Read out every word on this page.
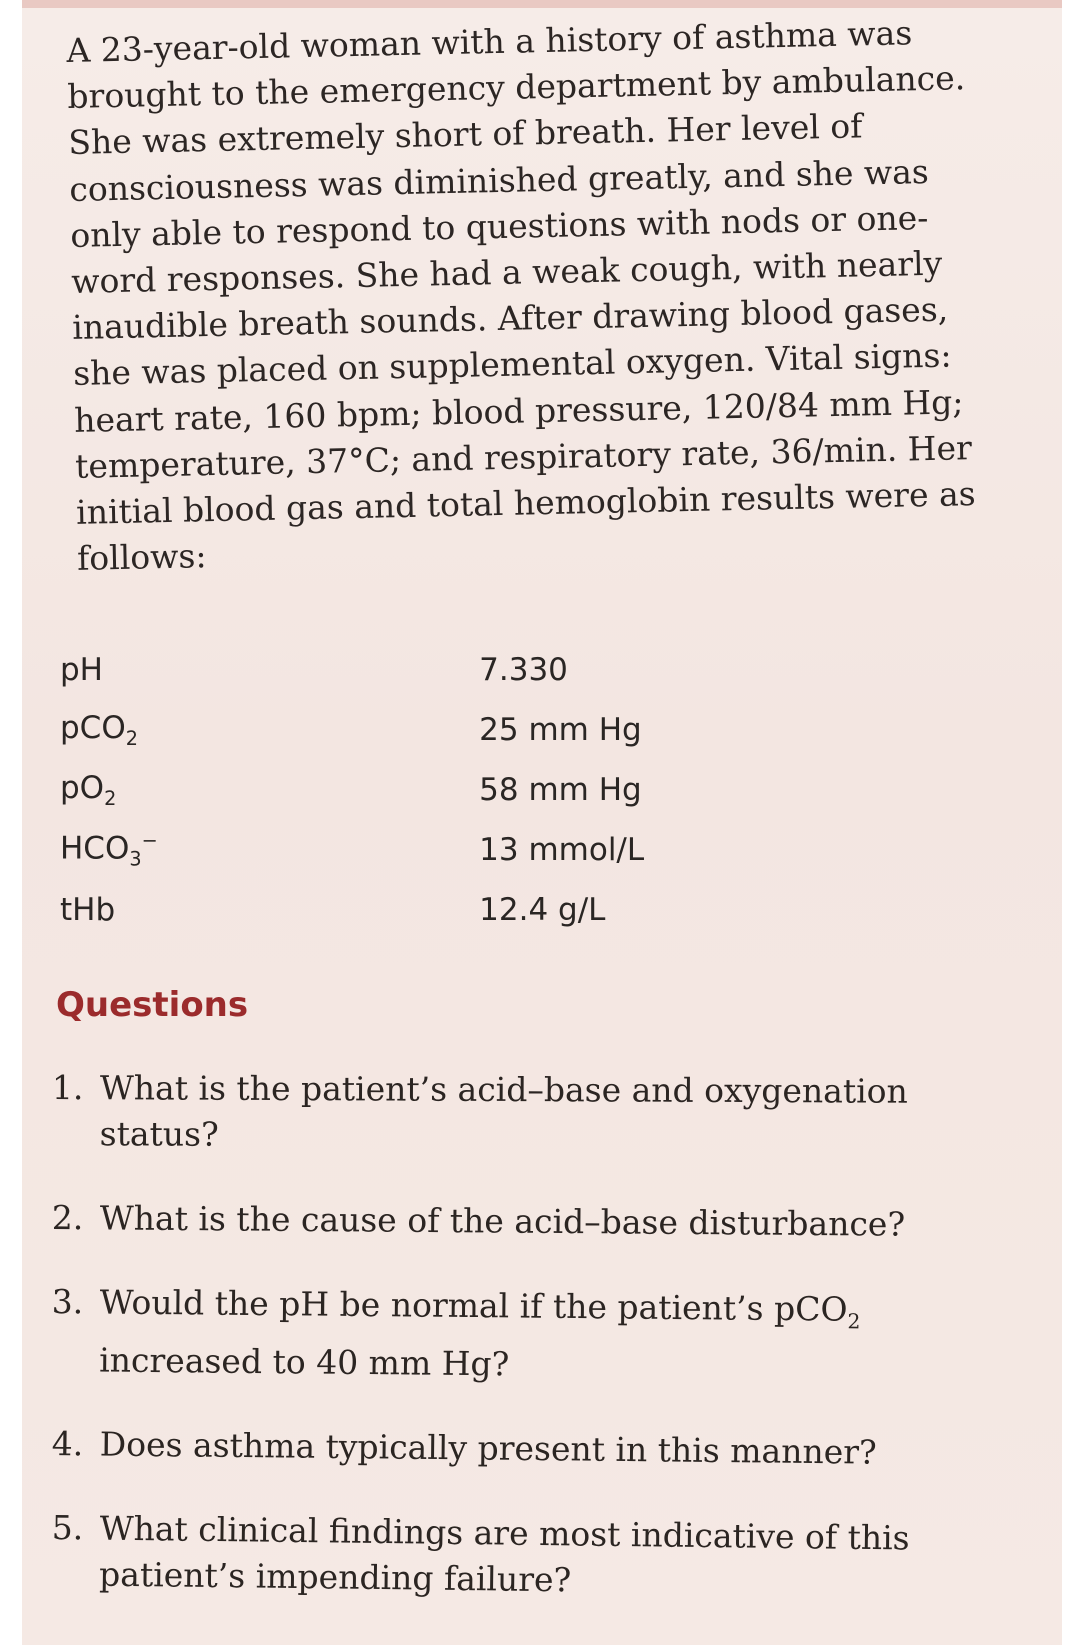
A 23-year-old woman with a history of asthma was brought to the emergency department by ambulance. She was extremely short of breath. Her level of consciousness was diminished greatly, and she was only able to respond to questions with nods or one-word responses. She had a weak cough, with nearly inaudible breath sounds. After drawing blood gases, she was placed on supplemental oxygen. Vital signs: heart rate, 160 bpm; blood pressure, 120/84 mm Hg; temperature, 37°C; and respiratory rate, 36/min. Her initial blood gas and total hemoglobin results were as follows:

pH	7.330
pCO$_2$	25 mm Hg
$pO_2$	58 mm Hg
$HCO_3^-$	13 mmol/L
tHb	12.4 g/L
Questions
1. What is the patient’s acid–base and oxygenation status?
2. What is the cause of the acid–base disturbance?
3. Would the pH be normal if the patient’s pCO$_2$ increased to 40 mm Hg?
4. Does asthma typically present in this manner?
5. What clinical findings are most indicative of this patient’s impending failure?
